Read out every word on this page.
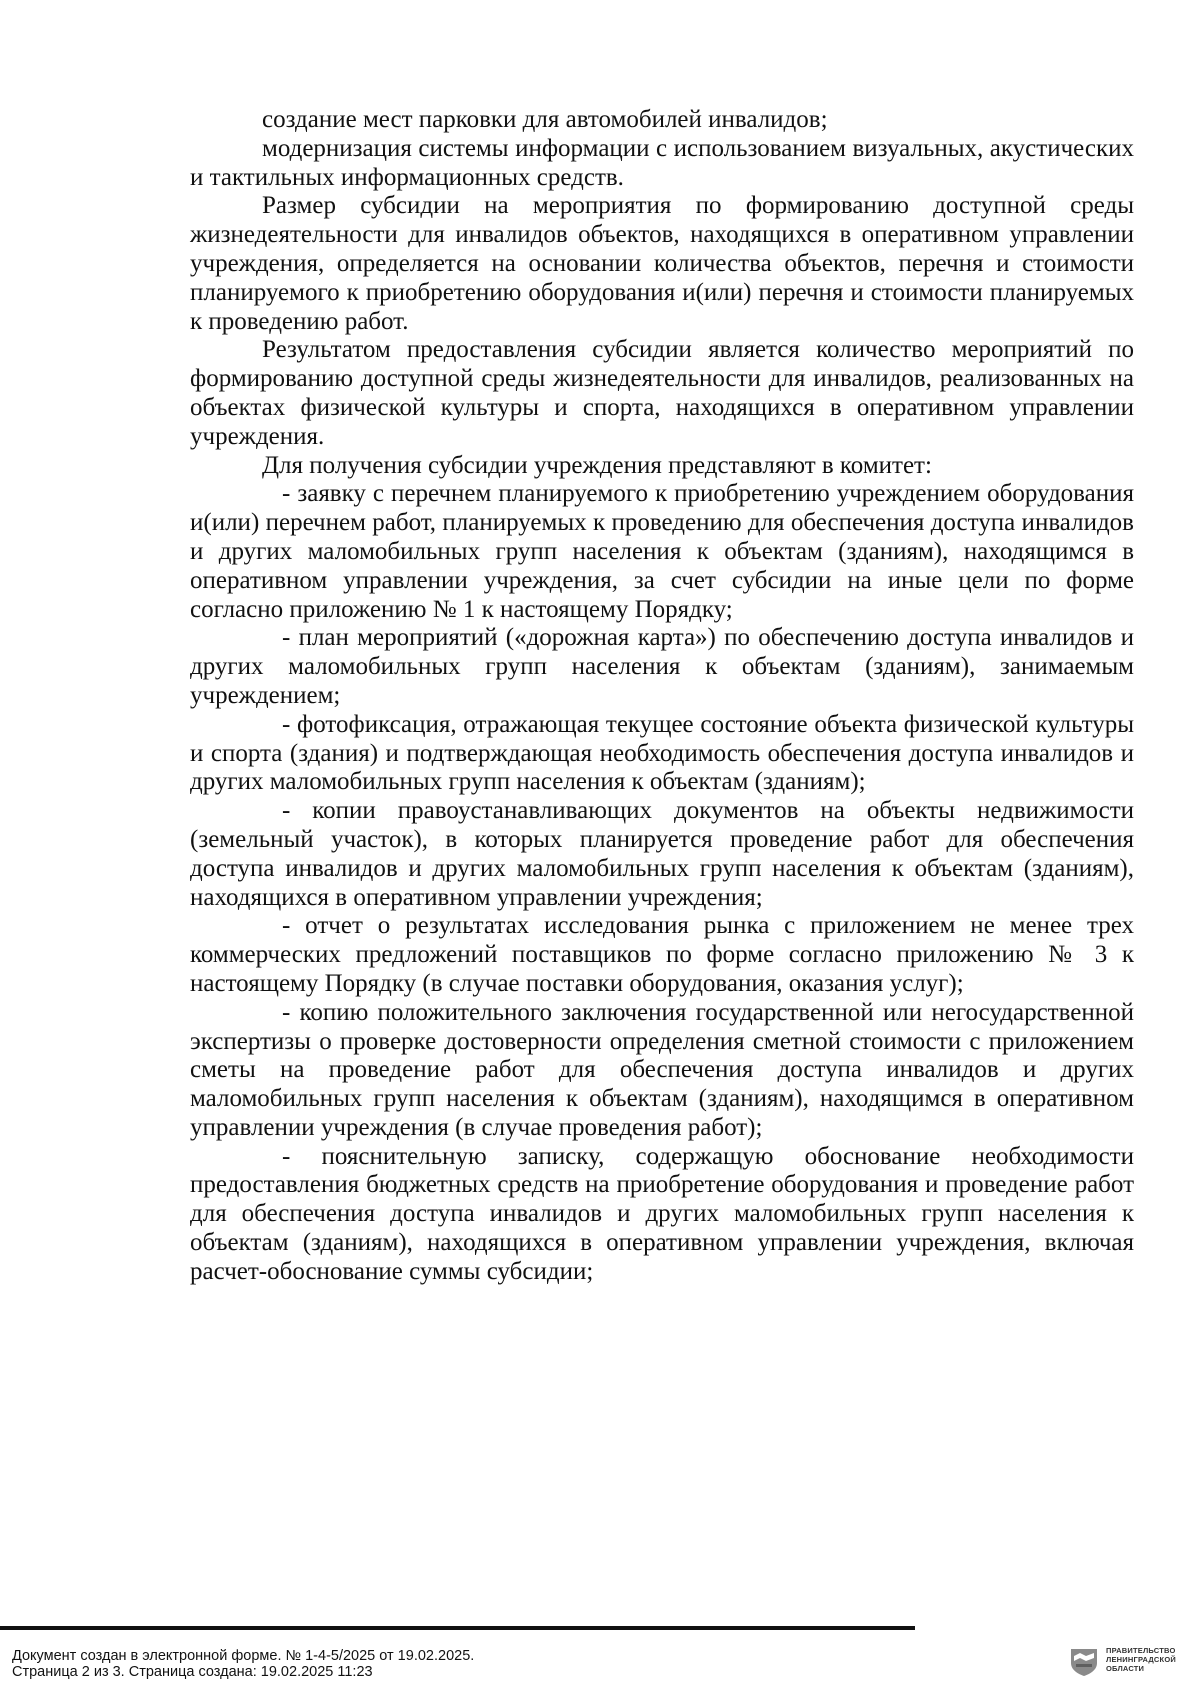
создание мест парковки для автомобилей инвалидов;

модернизация системы информации с использованием визуальных, акустических и тактильных информационных средств.

Размер субсидии на мероприятия по формированию доступной среды жизнедеятельности для инвалидов объектов, находящихся в оперативном управлении учреждения, определяется на основании количества объектов, перечня и стоимости планируемого к приобретению оборудования и(или) перечня и стоимости планируемых к проведению работ.

Результатом предоставления субсидии является количество мероприятий по формированию доступной среды жизнедеятельности для инвалидов, реализованных на объектах физической культуры и спорта, находящихся в оперативном управлении учреждения.

Для получения субсидии учреждения представляют в комитет:

- заявку с перечнем планируемого к приобретению учреждением оборудования и(или) перечнем работ, планируемых к проведению для обеспечения доступа инвалидов и других маломобильных групп населения к объектам (зданиям), находящимся в оперативном управлении учреждения, за счет субсидии на иные цели по форме согласно приложению № 1 к настоящему Порядку;

- план мероприятий («дорожная карта») по обеспечению доступа инвалидов и других маломобильных групп населения к объектам (зданиям), занимаемым учреждением;

- фотофиксация, отражающая текущее состояние объекта физической культуры и спорта (здания) и подтверждающая необходимость обеспечения доступа инвалидов и других маломобильных групп населения к объектам (зданиям);

- копии правоустанавливающих документов на объекты недвижимости (земельный участок), в которых планируется проведение работ для обеспечения доступа инвалидов и других маломобильных групп населения к объектам (зданиям), находящихся в оперативном управлении учреждения;

- отчет о результатах исследования рынка с приложением не менее трех коммерческих предложений поставщиков по форме согласно приложению № 3 к настоящему Порядку (в случае поставки оборудования, оказания услуг);

- копию положительного заключения государственной или негосударственной экспертизы о проверке достоверности определения сметной стоимости с приложением сметы на проведение работ для обеспечения доступа инвалидов и других маломобильных групп населения к объектам (зданиям), находящимся в оперативном управлении учреждения (в случае проведения работ);

- пояснительную записку, содержащую обоснование необходимости предоставления бюджетных средств на приобретение оборудования и проведение работ для обеспечения доступа инвалидов и других маломобильных групп населения к объектам (зданиям), находящихся в оперативном управлении учреждения, включая расчет-обоснование суммы субсидии;

Документ создан в электронной форме. № 1-4-5/2025 от 19.02.2025.
Страница 2 из 3. Страница создана: 19.02.2025 11:23
ПРАВИТЕЛЬСТВО
ЛЕНИНГРАДСКОЙ
ОБЛАСТИ
